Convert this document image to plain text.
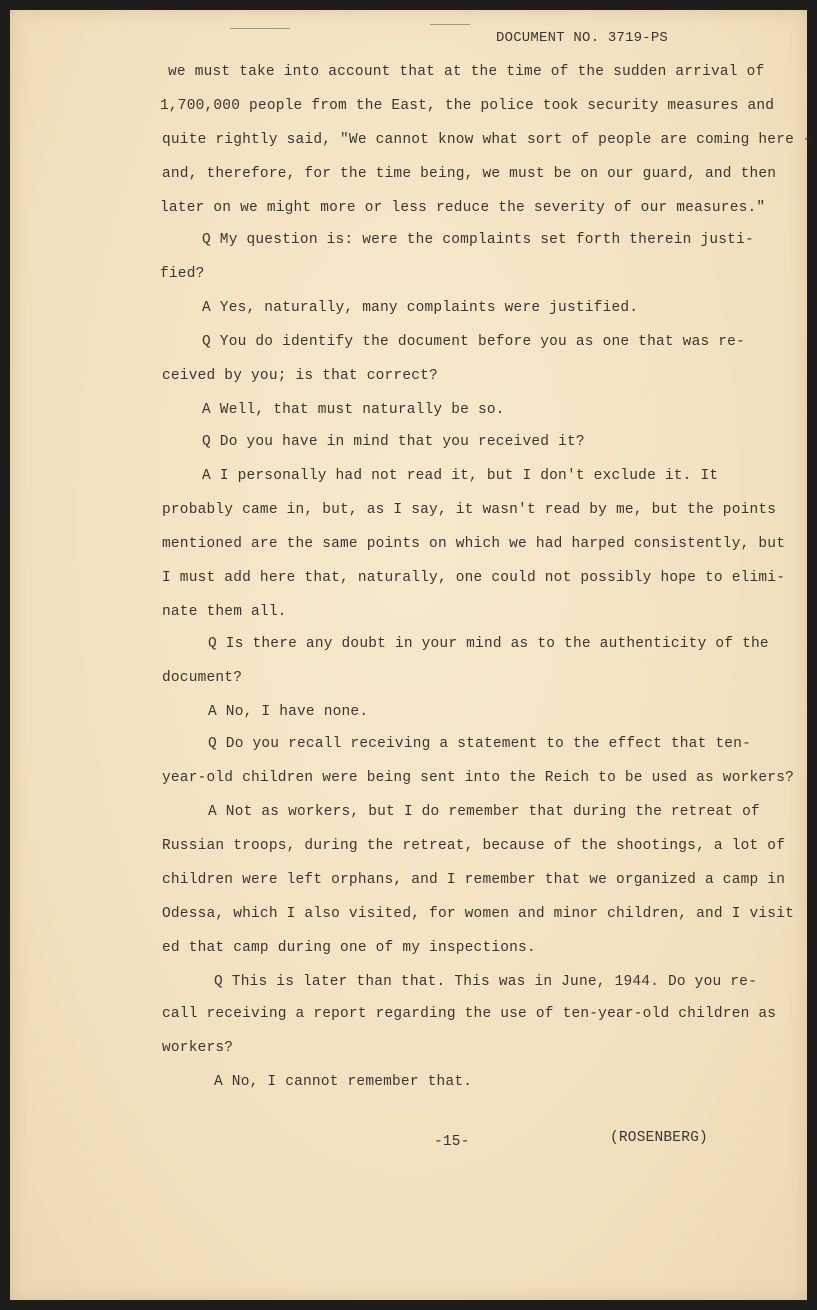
DOCUMENT NO. 3719-PS
we must take into account that at the time of the sudden arrival of
1,700,000 people from the East, the police took security measures and
quite rightly said, "We cannot know what sort of people are coming here -
and, therefore, for the time being, we must be on our guard, and then
later on we might more or less reduce the severity of our measures."
Q My question is: were the complaints set forth therein justi-
fied?
A Yes, naturally, many complaints were justified.
Q You do identify the document before you as one that was re-
ceived by you; is that correct?
A Well, that must naturally be so.
Q Do you have in mind that you received it?
A I personally had not read it, but I don't exclude it. It
probably came in, but, as I say, it wasn't read by me, but the points
mentioned are the same points on which we had harped consistently, but
I must add here that, naturally, one could not possibly hope to elimi-
nate them all.
Q Is there any doubt in your mind as to the authenticity of the
document?
A No, I have none.
Q Do you recall receiving a statement to the effect that ten-
year-old children were being sent into the Reich to be used as workers?
A Not as workers, but I do remember that during the retreat of
Russian troops, during the retreat, because of the shootings, a lot of
children were left orphans, and I remember that we organized a camp in
Odessa, which I also visited, for women and minor children, and I visit
ed that camp during one of my inspections.
Q This is later than that. This was in June, 1944. Do you re-
call receiving a report regarding the use of ten-year-old children as
workers?
A No, I cannot remember that.
-15-	(ROSENBERG)
